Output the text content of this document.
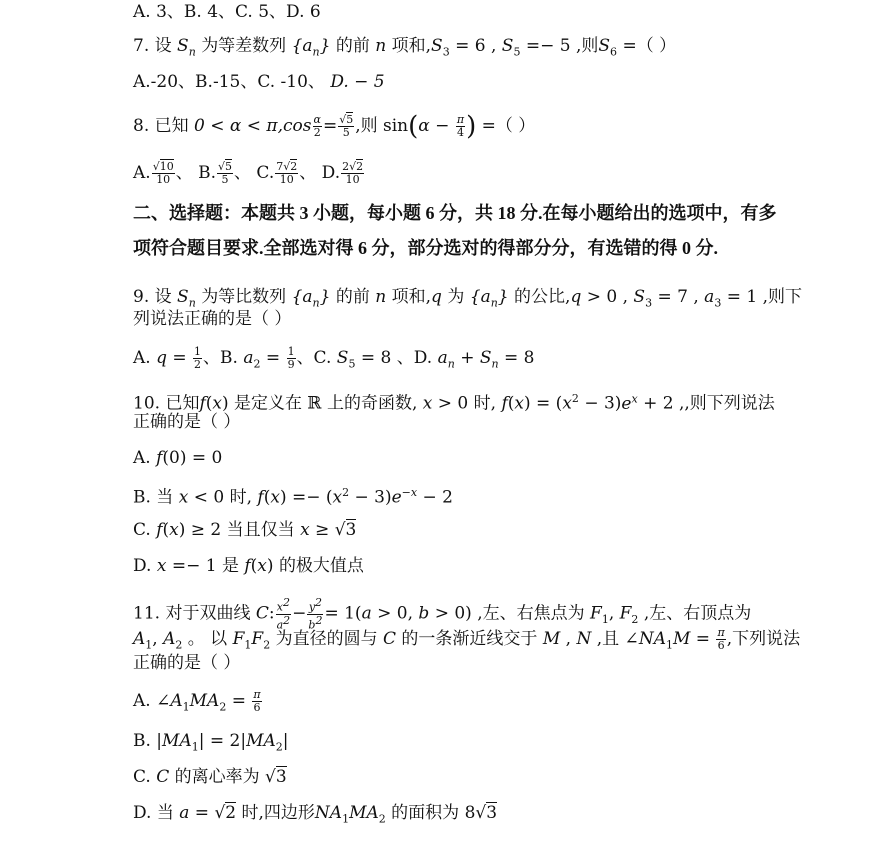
A. 3、B. 4、C. 5、D. 6
7. 设 $S_n$ 为等差数列 $\{a_n\}$ 的前 n 项和$,S_3 = 6$ , $S_5 =- 5$ ,则$S_6$ =（ ）
A.-20、B.-15、C. -10、 D. − 5
8. 已知 $0 < \alpha < \pi,\cos \frac{\alpha}{2} = \frac{√5}{5}$ ,则 $\sin(\alpha - \frac{\pi}{4}$ ) =（ ）
A. $\frac{√10}{10}$ 、 B. $\frac{√5}{5}$ 、 C. $\frac{7√2}{10}$ 、 D. $\frac{2√2}{10}$
二、选择题：本题共 3 小题，每小题 6 分，共 18 分.在每小题给出的选项中，有多
项符合题目要求.全部选对得 6 分，部分选对的得部分分，有选错的得 0 分.
9. 设 $S_n$ 为等比数列 $\{a_n\}$ 的前 n 项和,q 为 $\{a_n\}$ 的公比,q > 0 , $S_3 = 7$ , $a_3 = 1$ ,则下
列说法正确的是（ ）
A. $q = \frac{1}{2}$ 、B. $a_2 = \frac{1}{9}$ 、C. $S_5 = 8$ 、D. $a_n + S_n = 8$
10. 已知f(x) 是定义在 ℝ 上的奇函数, x > 0 时, $f(x) = (x^2 - 3)e^x + 2$ ,,则下列说法
正确的是（ ）
A. f(0) = 0
B. 当 x < 0 时, $f(x) =- (x^2 - 3)e^{-x} - 2$
C. f(x) ≥ 2 当且仅当 x ≥ √3
D. x =− 1 是 f(x) 的极大值点
11. 对于双曲线 C: $\frac{x^2}{a^2} - \frac{y^2}{b^2} = 1(a > 0$, b > 0) ,左、右焦点为 $F_1$, $F_2$ ,左、右顶点为
$A_1$, $A_2$ 。 以 $F_1F_2$ 为直径的圆与 C 的一条渐近线交于 M , N ,且 $\angle NA_1M = \frac{\pi}{6}$ ,下列说法
正确的是（ ）
A. $\angle A_1MA_2 = \frac{\pi}{6}$
B. $|MA_1| = 2|MA_2|$
C. C 的离心率为 √3
D. 当 a = √2 时,四边形$NA_1MA_2$ 的面积为 8√3
